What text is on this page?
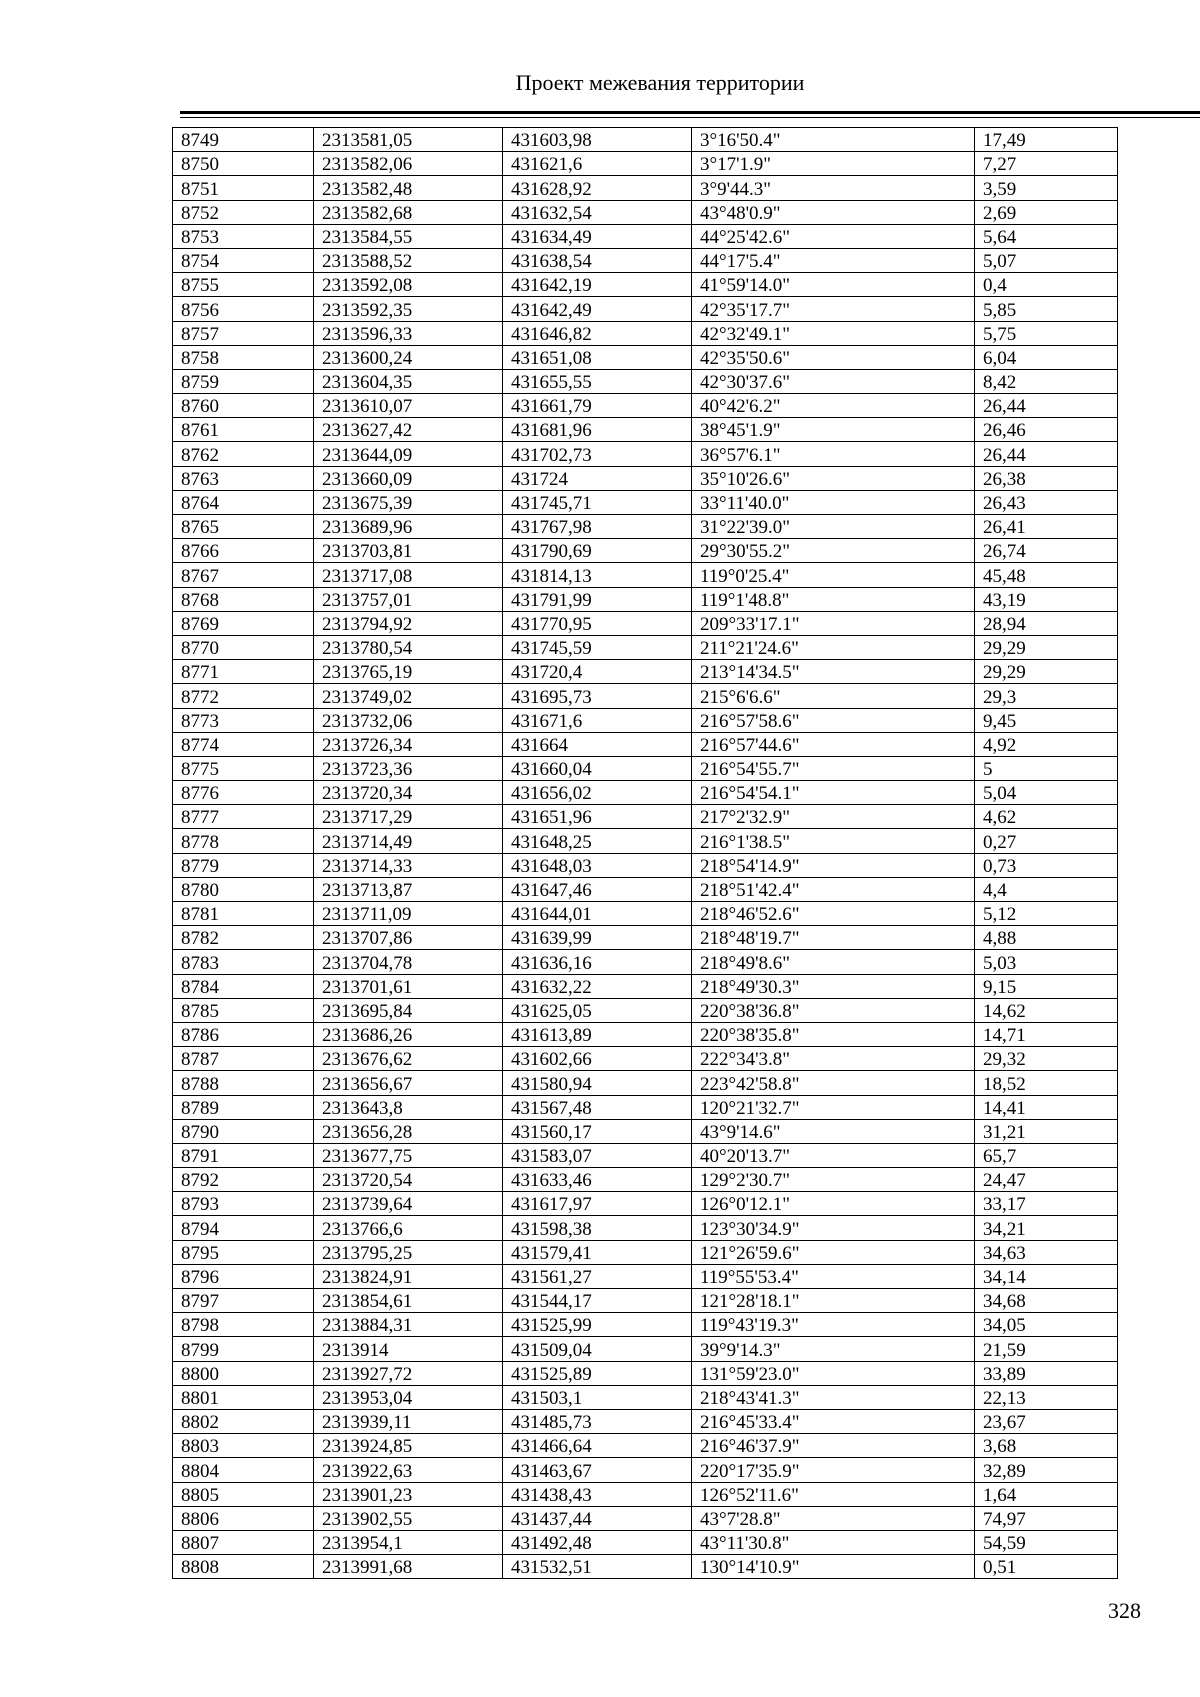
Проект межевания территории
8749	2313581,05	431603,98	3°16'50.4"	17,49
8750	2313582,06	431621,6	3°17'1.9"	7,27
8751	2313582,48	431628,92	3°9'44.3"	3,59
8752	2313582,68	431632,54	43°48'0.9"	2,69
8753	2313584,55	431634,49	44°25'42.6"	5,64
8754	2313588,52	431638,54	44°17'5.4"	5,07
8755	2313592,08	431642,19	41°59'14.0"	0,4
8756	2313592,35	431642,49	42°35'17.7"	5,85
8757	2313596,33	431646,82	42°32'49.1"	5,75
8758	2313600,24	431651,08	42°35'50.6"	6,04
8759	2313604,35	431655,55	42°30'37.6"	8,42
8760	2313610,07	431661,79	40°42'6.2"	26,44
8761	2313627,42	431681,96	38°45'1.9"	26,46
8762	2313644,09	431702,73	36°57'6.1"	26,44
8763	2313660,09	431724	35°10'26.6"	26,38
8764	2313675,39	431745,71	33°11'40.0"	26,43
8765	2313689,96	431767,98	31°22'39.0"	26,41
8766	2313703,81	431790,69	29°30'55.2"	26,74
8767	2313717,08	431814,13	119°0'25.4"	45,48
8768	2313757,01	431791,99	119°1'48.8"	43,19
8769	2313794,92	431770,95	209°33'17.1"	28,94
8770	2313780,54	431745,59	211°21'24.6"	29,29
8771	2313765,19	431720,4	213°14'34.5"	29,29
8772	2313749,02	431695,73	215°6'6.6"	29,3
8773	2313732,06	431671,6	216°57'58.6"	9,45
8774	2313726,34	431664	216°57'44.6"	4,92
8775	2313723,36	431660,04	216°54'55.7"	5
8776	2313720,34	431656,02	216°54'54.1"	5,04
8777	2313717,29	431651,96	217°2'32.9"	4,62
8778	2313714,49	431648,25	216°1'38.5"	0,27
8779	2313714,33	431648,03	218°54'14.9"	0,73
8780	2313713,87	431647,46	218°51'42.4"	4,4
8781	2313711,09	431644,01	218°46'52.6"	5,12
8782	2313707,86	431639,99	218°48'19.7"	4,88
8783	2313704,78	431636,16	218°49'8.6"	5,03
8784	2313701,61	431632,22	218°49'30.3"	9,15
8785	2313695,84	431625,05	220°38'36.8"	14,62
8786	2313686,26	431613,89	220°38'35.8"	14,71
8787	2313676,62	431602,66	222°34'3.8"	29,32
8788	2313656,67	431580,94	223°42'58.8"	18,52
8789	2313643,8	431567,48	120°21'32.7"	14,41
8790	2313656,28	431560,17	43°9'14.6"	31,21
8791	2313677,75	431583,07	40°20'13.7"	65,7
8792	2313720,54	431633,46	129°2'30.7"	24,47
8793	2313739,64	431617,97	126°0'12.1"	33,17
8794	2313766,6	431598,38	123°30'34.9"	34,21
8795	2313795,25	431579,41	121°26'59.6"	34,63
8796	2313824,91	431561,27	119°55'53.4"	34,14
8797	2313854,61	431544,17	121°28'18.1"	34,68
8798	2313884,31	431525,99	119°43'19.3"	34,05
8799	2313914	431509,04	39°9'14.3"	21,59
8800	2313927,72	431525,89	131°59'23.0"	33,89
8801	2313953,04	431503,1	218°43'41.3"	22,13
8802	2313939,11	431485,73	216°45'33.4"	23,67
8803	2313924,85	431466,64	216°46'37.9"	3,68
8804	2313922,63	431463,67	220°17'35.9"	32,89
8805	2313901,23	431438,43	126°52'11.6"	1,64
8806	2313902,55	431437,44	43°7'28.8"	74,97
8807	2313954,1	431492,48	43°11'30.8"	54,59
8808	2313991,68	431532,51	130°14'10.9"	0,51
328
